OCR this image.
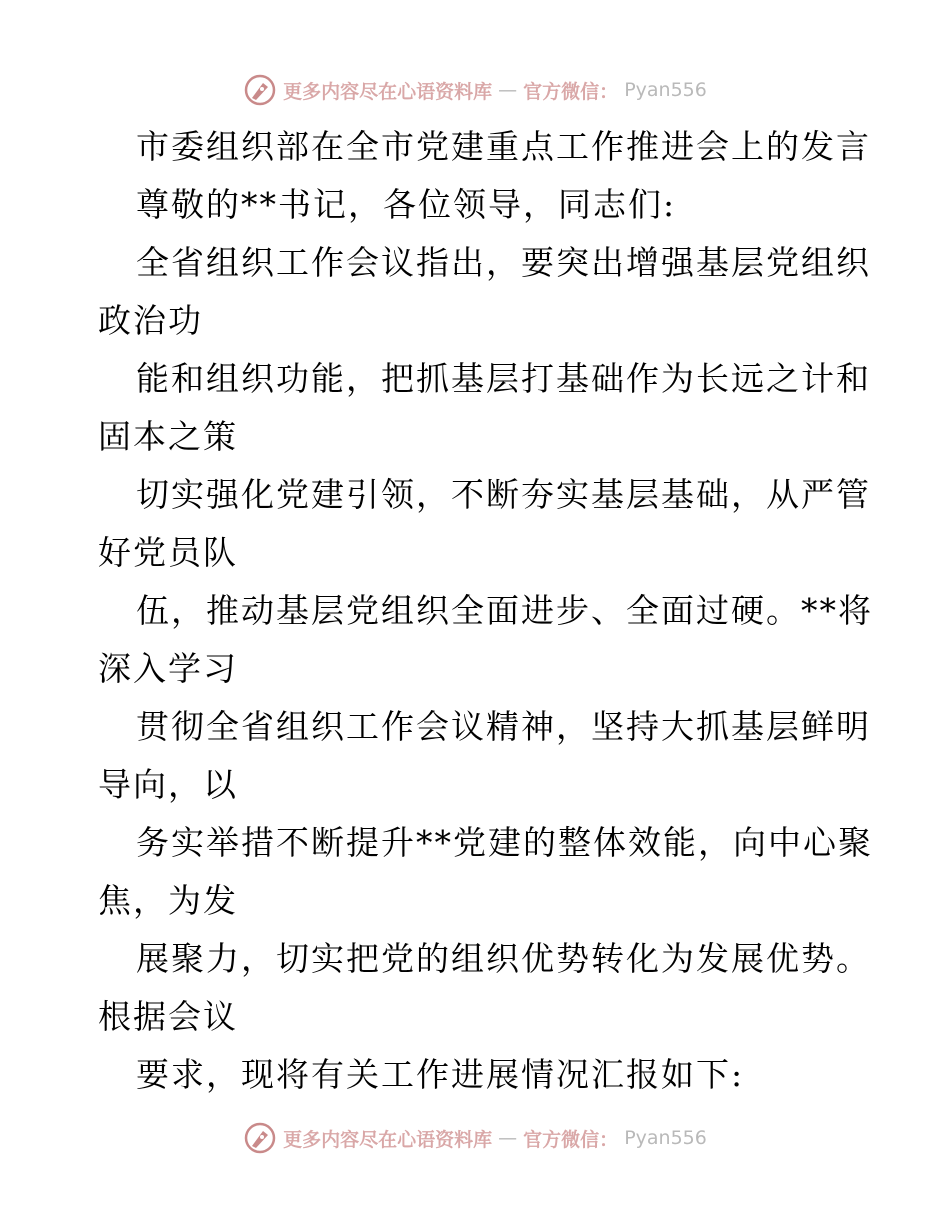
更多内容尽在心语资料库 — 官方微信： Pyan556
市委组织部在全市党建重点工作推进会上的发言
尊敬的**书记，各位领导，同志们:
全省组织工作会议指出，要突出增强基层党组织
政治功
能和组织功能，把抓基层打基础作为长远之计和
固本之策
切实强化党建引领，不断夯实基层基础，从严管
好党员队
伍，推动基层党组织全面进步、全面过硬。**将
深入学习
贯彻全省组织工作会议精神，坚持大抓基层鲜明
导向，以
务实举措不断提升**党建的整体效能，向中心聚
焦，为发
展聚力，切实把党的组织优势转化为发展优势。
根据会议
要求，现将有关工作进展情况汇报如下:
更多内容尽在心语资料库 — 官方微信： Pyan556
